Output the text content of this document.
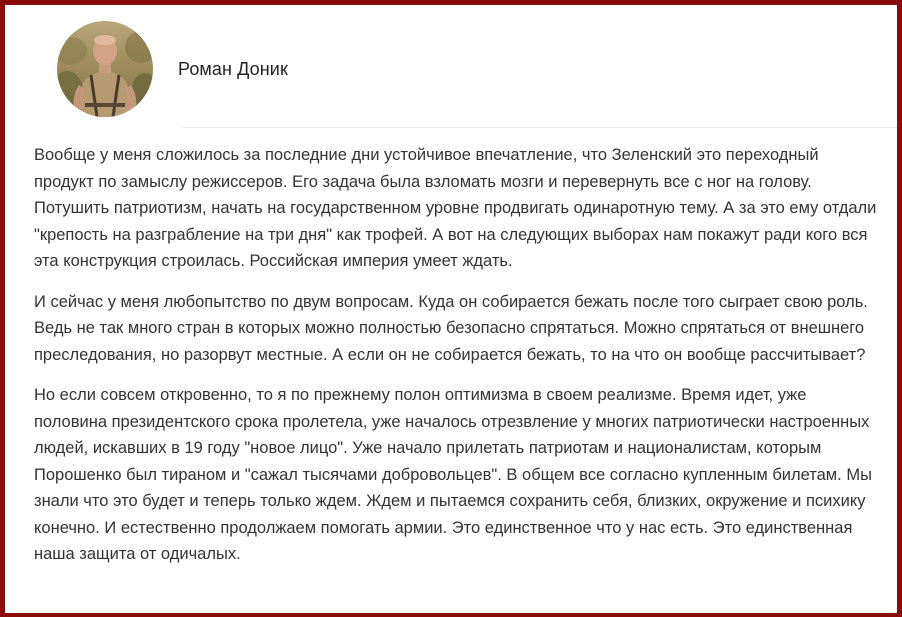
Роман Доник

Вообще у меня сложилось за последние дни устойчивое впечатление, что Зеленский это переходный продукт по замыслу режиссеров. Его задача была взломать мозги и перевернуть все с ног на голову. Потушить патриотизм, начать на государственном уровне продвигать одинаротную тему. А за это ему отдали "крепость на разграбление на три дня" как трофей. А вот на следующих выборах нам покажут ради кого вся эта конструкция строилась. Российская империя умеет ждать.

И сейчас у меня любопытство по двум вопросам. Куда он собирается бежать после того сыграет свою роль. Ведь не так много стран в которых можно полностью безопасно спрятаться. Можно спрятаться от внешнего преследования, но разорвут местные. А если он не собирается бежать, то на что он вообще рассчитывает?

Но если совсем откровенно, то я по прежнему полон оптимизма в своем реализме. Время идет, уже половина президентского срока пролетела, уже началось отрезвление у многих патриотически настроенных людей, искавших в 19 году "новое лицо". Уже начало прилетать патриотам и националистам, которым Порошенко был тираном и "сажал тысячами добровольцев". В общем все согласно купленным билетам. Мы знали что это будет и теперь только ждем. Ждем и пытаемся сохранить себя, близких, окружение и психику конечно. И естественно продолжаем помогать армии. Это единственное что у нас есть. Это единственная наша защита от одичалых.
